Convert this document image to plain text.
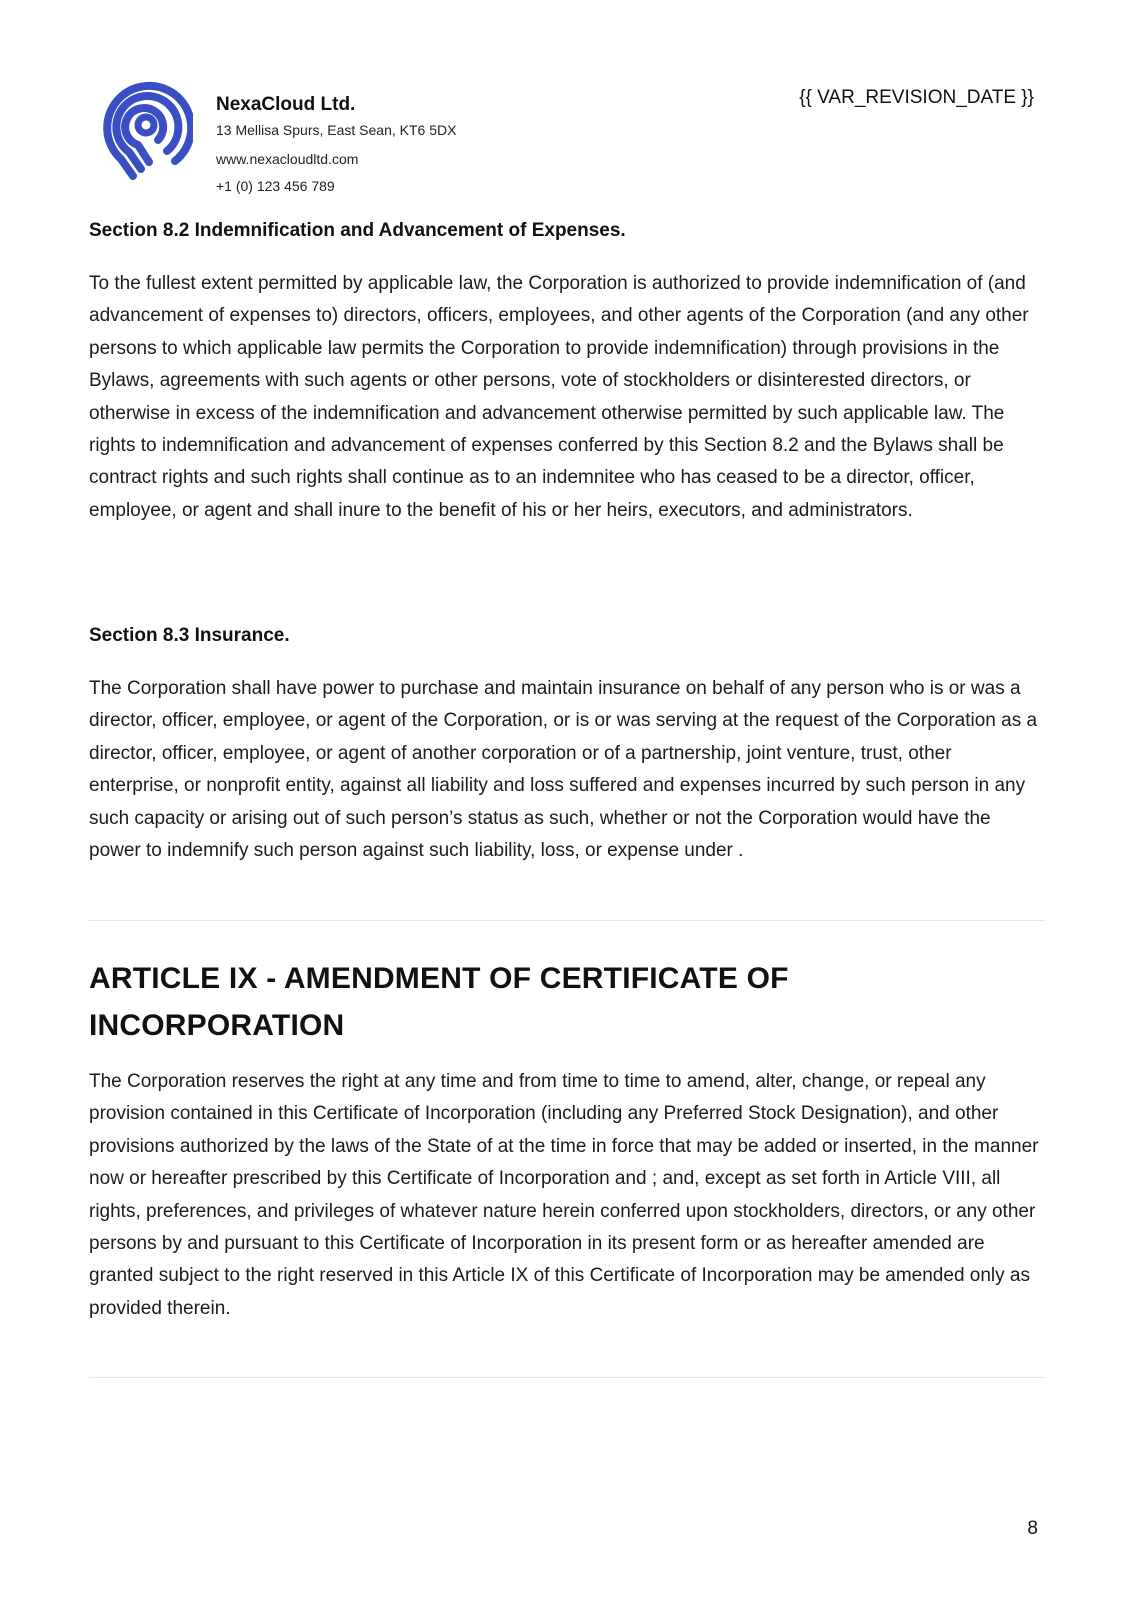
NexaCloud Ltd.

13 Mellisa Spurs, East Sean, KT6 5DX

www.nexacloudltd.com

+1 (0) 123 456 789

{{ VAR_REVISION_DATE }}

Section 8.2 Indemnification and Advancement of Expenses.

To the fullest extent permitted by applicable law, the Corporation is authorized to provide indemnification of (and advancement of expenses to) directors, officers, employees, and other agents of the Corporation (and any other persons to which applicable law permits the Corporation to provide indemnification) through provisions in the Bylaws, agreements with such agents or other persons, vote of stockholders or disinterested directors, or otherwise in excess of the indemnification and advancement otherwise permitted by such applicable law. The rights to indemnification and advancement of expenses conferred by this Section 8.2 and the Bylaws shall be contract rights and such rights shall continue as to an indemnitee who has ceased to be a director, officer, employee, or agent and shall inure to the benefit of his or her heirs, executors, and administrators.

Section 8.3 Insurance.

The Corporation shall have power to purchase and maintain insurance on behalf of any person who is or was a director, officer, employee, or agent of the Corporation, or is or was serving at the request of the Corporation as a director, officer, employee, or agent of another corporation or of a partnership, joint venture, trust, other enterprise, or nonprofit entity, against all liability and loss suffered and expenses incurred by such person in any such capacity or arising out of such person’s status as such, whether or not the Corporation would have the power to indemnify such person against such liability, loss, or expense under .

ARTICLE IX - AMENDMENT OF CERTIFICATE OF INCORPORATION

The Corporation reserves the right at any time and from time to time to amend, alter, change, or repeal any provision contained in this Certificate of Incorporation (including any Preferred Stock Designation), and other provisions authorized by the laws of the State of at the time in force that may be added or inserted, in the manner now or hereafter prescribed by this Certificate of Incorporation and ; and, except as set forth in Article VIII, all rights, preferences, and privileges of whatever nature herein conferred upon stockholders, directors, or any other persons by and pursuant to this Certificate of Incorporation in its present form or as hereafter amended are granted subject to the right reserved in this Article IX of this Certificate of Incorporation may be amended only as provided therein.

8
